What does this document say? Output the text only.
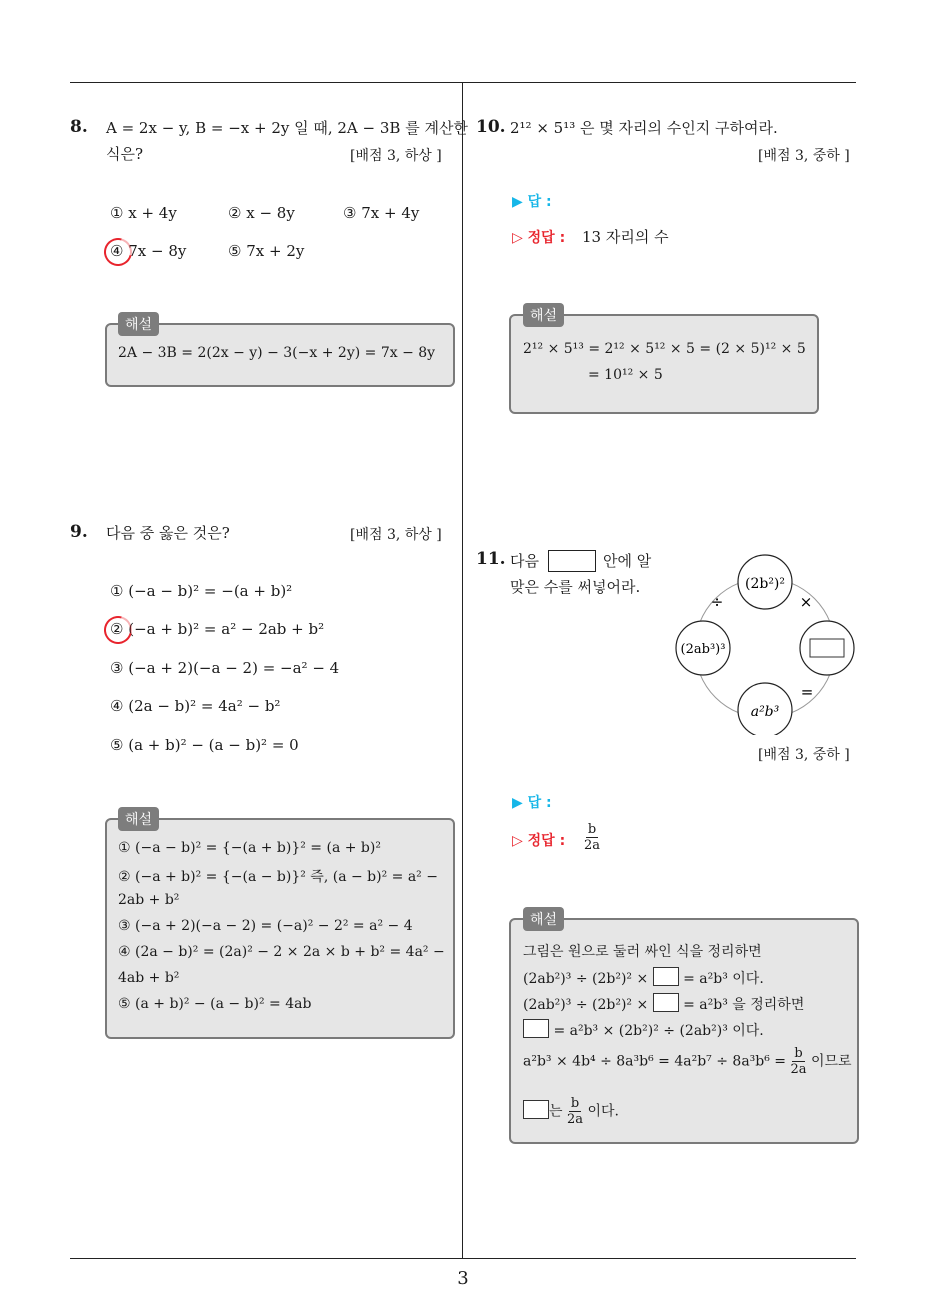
8. A = 2x − y, B = −x + 2y 일 때, 2A − 3B 를 계산한
식은?	[배점 3, 하상 ]
① x + 4y	② x − 8y	③ 7x + 4y
④ 7x − 8y	⑤ 7x + 2y
해설
2A − 3B = 2(2x − y) − 3(−x + 2y) = 7x − 8y
9. 다음 중 옳은 것은?	[배점 3, 하상 ]
① (−a − b)² = −(a + b)²
② (−a + b)² = a² − 2ab + b²
③ (−a + 2)(−a − 2) = −a² − 4
④ (2a − b)² = 4a² − b²
⑤ (a + b)² − (a − b)² = 0
해설
① (−a − b)² = {−(a + b)}² = (a + b)²
② (−a + b)² = {−(a − b)}² 즉, (a − b)² = a² −
2ab + b²
③ (−a + 2)(−a − 2) = (−a)² − 2² = a² − 4
④ (2a − b)² = (2a)² − 2 × 2a × b + b² = 4a² −
4ab + b²
⑤ (a + b)² − (a − b)² = 4ab
10. 2¹² × 5¹³ 은 몇 자리의 수인지 구하여라.
[배점 3, 중하 ]
▶ 답 :
▷ 정답 : 13 자리의 수
해설
2¹² × 5¹³ = 2¹² × 5¹² × 5 = (2 × 5)¹² × 5
= 10¹² × 5
11. 다음	안에 알
맞은 수를 써넣어라.	(2b²)²
(2ab³)³
a²b³
÷	×
=
[배점 3, 중하 ]
▶ 답 :
▷ 정답 : $\frac{b}{2a}$
해설
그림은 원으로 둘러 싸인 식을 정리하면
(2ab²)³ ÷ (2b²)² × = a²b³ 이다.
(2ab²)³ ÷ (2b²)² × = a²b³ 을 정리하면
= a²b³ × (2b²)² ÷ (2ab²)³ 이다.
$a^2b^3 \times 4b^4 \div 8a^3b^6 = 4a^2b^7 \div 8a^3b^6 = \frac{b}{2a}$ 이므로
는 $\frac{b}{2a}$ 이다.
3
